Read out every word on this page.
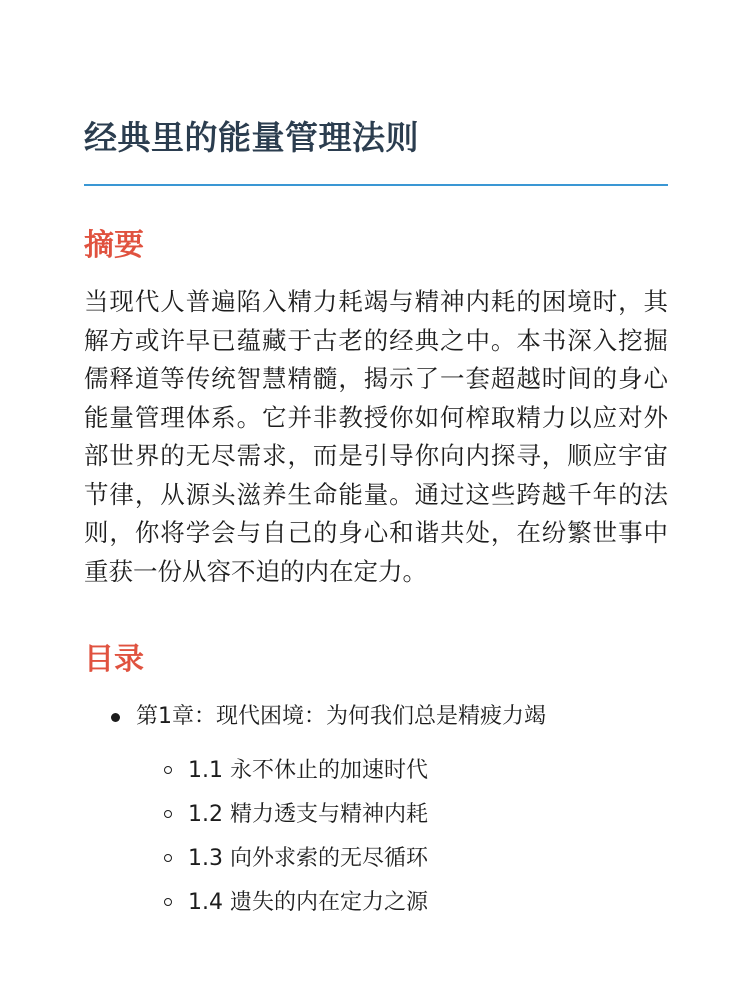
经典里的能量管理法则
摘要

当现代人普遍陷入精力耗竭与精神内耗的困境时，其解方或许早已蕴藏于古老的经典之中。本书深入挖掘儒释道等传统智慧精髓，揭示了一套超越时间的身心能量管理体系。它并非教授你如何榨取精力以应对外部世界的无尽需求，而是引导你向内探寻，顺应宇宙节律，从源头滋养生命能量。通过这些跨越千年的法则，你将学会与自己的身心和谐共处，在纷繁世事中重获一份从容不迫的内在定力。

目录
第1章：现代困境：为何我们总是精疲力竭
1.1 永不休止的加速时代
1.2 精力透支与精神内耗
1.3 向外求索的无尽循环
1.4 遗失的内在定力之源
